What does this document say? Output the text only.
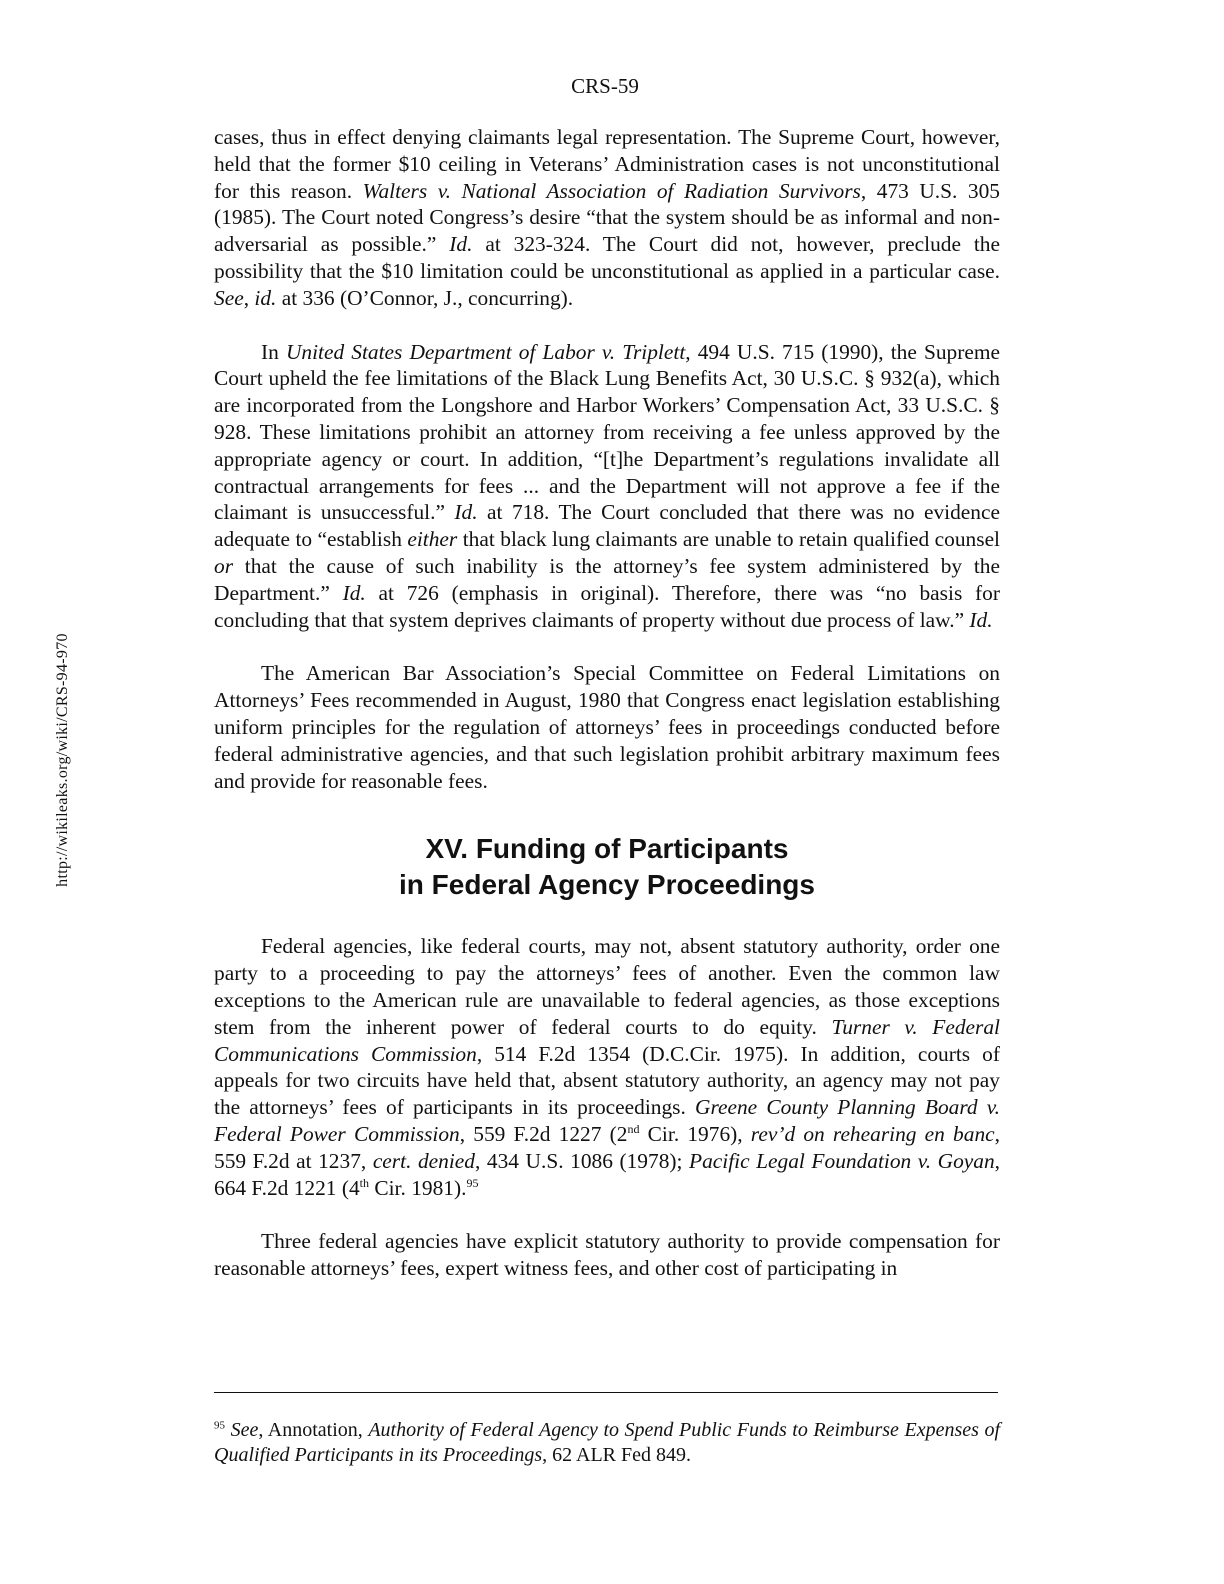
CRS-59
http://wikileaks.org/wiki/CRS-94-970

cases, thus in effect denying claimants legal representation. The Supreme Court, however, held that the former $10 ceiling in Veterans’ Administration cases is not unconstitutional for this reason. Walters v. National Association of Radiation Survivors, 473 U.S. 305 (1985). The Court noted Congress’s desire “that the system should be as informal and non-adversarial as possible.” Id. at 323-324. The Court did not, however, preclude the possibility that the $10 limitation could be unconstitutional as applied in a particular case. See, id. at 336 (O’Connor, J., concurring).

In United States Department of Labor v. Triplett, 494 U.S. 715 (1990), the Supreme Court upheld the fee limitations of the Black Lung Benefits Act, 30 U.S.C. § 932(a), which are incorporated from the Longshore and Harbor Workers’ Compensation Act, 33 U.S.C. § 928. These limitations prohibit an attorney from receiving a fee unless approved by the appropriate agency or court. In addition, “[t]he Department’s regulations invalidate all contractual arrangements for fees ... and the Department will not approve a fee if the claimant is unsuccessful.” Id. at 718. The Court concluded that there was no evidence adequate to “establish either that black lung claimants are unable to retain qualified counsel or that the cause of such inability is the attorney’s fee system administered by the Department.” Id. at 726 (emphasis in original). Therefore, there was “no basis for concluding that that system deprives claimants of property without due process of law.” Id.

The American Bar Association’s Special Committee on Federal Limitations on Attorneys’ Fees recommended in August, 1980 that Congress enact legislation establishing uniform principles for the regulation of attorneys’ fees in proceedings conducted before federal administrative agencies, and that such legislation prohibit arbitrary maximum fees and provide for reasonable fees.

XV. Funding of Participants
in Federal Agency Proceedings

Federal agencies, like federal courts, may not, absent statutory authority, order one party to a proceeding to pay the attorneys’ fees of another. Even the common law exceptions to the American rule are unavailable to federal agencies, as those exceptions stem from the inherent power of federal courts to do equity. Turner v. Federal Communications Commission, 514 F.2d 1354 (D.C.Cir. 1975). In addition, courts of appeals for two circuits have held that, absent statutory authority, an agency may not pay the attorneys’ fees of participants in its proceedings. Greene County Planning Board v. Federal Power Commission, 559 F.2d 1227 (2nd Cir. 1976), rev’d on rehearing en banc, 559 F.2d at 1237, cert. denied, 434 U.S. 1086 (1978); Pacific Legal Foundation v. Goyan, 664 F.2d 1221 (4th Cir. 1981).$^{95}$

Three federal agencies have explicit statutory authority to provide compensation for reasonable attorneys’ fees, expert witness fees, and other cost of participating in

$^{95}$ See, Annotation, Authority of Federal Agency to Spend Public Funds to Reimburse Expenses of Qualified Participants in its Proceedings, 62 ALR Fed 849.
